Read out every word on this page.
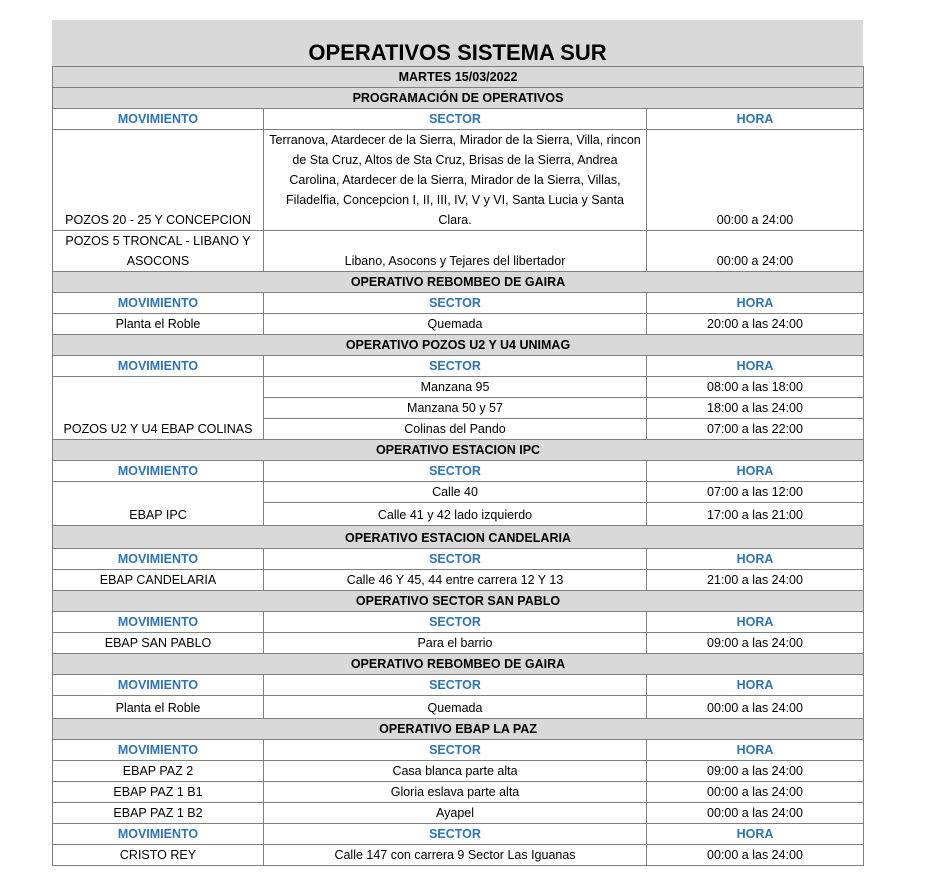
OPERATIVOS SISTEMA SUR
MARTES 15/03/2022		
PROGRAMACIÓN DE OPERATIVOS		
MOVIMIENTO	SECTOR	HORA
POZOS 20 - 25 Y CONCEPCION	Terranova, Atardecer de la Sierra, Mirador de la Sierra, Villa, rincon de Sta Cruz, Altos de Sta Cruz, Brisas de la Sierra, Andrea Carolina, Atardecer de la Sierra, Mirador de la Sierra, Villas, Filadelfia, Concepcion I, II, III, IV, V y VI, Santa Lucia y Santa Clara.	00:00 a 24:00
POZOS 5 TRONCAL - LIBANO Y ASOCONS	Libano, Asocons y Tejares del libertador	00:00 a 24:00
OPERATIVO REBOMBEO DE GAIRA		
MOVIMIENTO	SECTOR	HORA
Planta el Roble	Quemada	20:00 a las 24:00
OPERATIVO POZOS U2 Y U4 UNIMAG		
MOVIMIENTO	SECTOR	HORA
POZOS U2 Y U4 EBAP COLINAS	Manzana 95	08:00 a las 18:00
	Manzana 50 y 57	18:00 a las 24:00
	Colinas del Pando	07:00 a las 22:00
OPERATIVO ESTACION IPC		
MOVIMIENTO	SECTOR	HORA
EBAP IPC	Calle 40	07:00 a las 12:00
	Calle 41 y 42 lado izquierdo	17:00 a las 21:00
OPERATIVO ESTACION CANDELARIA		
MOVIMIENTO	SECTOR	HORA
EBAP CANDELARIA	Calle 46 Y 45, 44 entre carrera 12 Y 13	21:00 a las 24:00
OPERATIVO SECTOR SAN PABLO		
MOVIMIENTO	SECTOR	HORA
EBAP SAN PABLO	Para el barrio	09:00 a las 24:00
OPERATIVO REBOMBEO DE GAIRA		
MOVIMIENTO	SECTOR	HORA
Planta el Roble	Quemada	00:00 a las 24:00
OPERATIVO EBAP LA PAZ		
MOVIMIENTO	SECTOR	HORA
EBAP PAZ 2	Casa blanca parte alta	09:00 a las 24:00
EBAP PAZ 1 B1	Gloria eslava parte alta	00:00 a las 24:00
EBAP PAZ 1 B2	Ayapel	00:00 a las 24:00
MOVIMIENTO	SECTOR	HORA
CRISTO REY	Calle 147 con carrera 9 Sector Las Iguanas	00:00 a las 24:00
